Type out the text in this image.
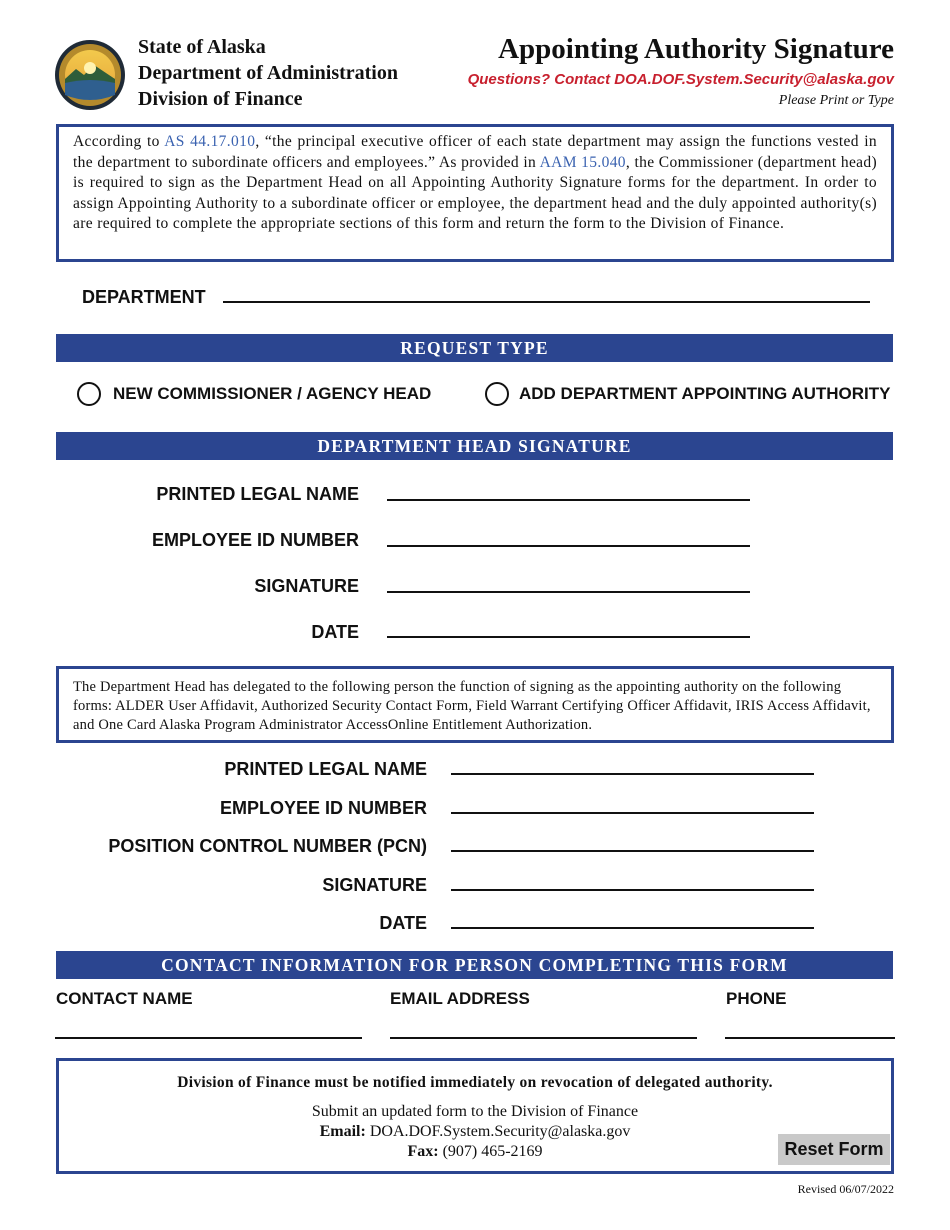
State of Alaska
Department of Administration
Division of Finance
Appointing Authority Signature
Questions? Contact DOA.DOF.System.Security@alaska.gov
Please Print or Type

According to AS 44.17.010, “the principal executive officer of each state department may assign the functions vested in the department to subordinate officers and employees.” As provided in AAM 15.040, the Commissioner (department head) is required to sign as the Department Head on all Appointing Authority Signature forms for the department. In order to assign Appointing Authority to a subordinate officer or employee, the department head and the duly appointed authority(s) are required to complete the appropriate sections of this form and return the form to the Division of Finance.

DEPARTMENT
REQUEST TYPE
NEW COMMISSIONER / AGENCY HEAD	ADD DEPARTMENT APPOINTING AUTHORITY
DEPARTMENT HEAD SIGNATURE
PRINTED LEGAL NAME
EMPLOYEE ID NUMBER
SIGNATURE
DATE

The Department Head has delegated to the following person the function of signing as the appointing authority on the following forms: ALDER User Affidavit, Authorized Security Contact Form, Field Warrant Certifying Officer Affidavit, IRIS Access Affidavit, and One Card Alaska Program Administrator AccessOnline Entitlement Authorization.

PRINTED LEGAL NAME
EMPLOYEE ID NUMBER
POSITION CONTROL NUMBER (PCN)
SIGNATURE
DATE
CONTACT INFORMATION FOR PERSON COMPLETING THIS FORM
CONTACT NAME	EMAIL ADDRESS	PHONE
Division of Finance must be notified immediately on revocation of delegated authority.
Submit an updated form to the Division of Finance
Email: DOA.DOF.System.Security@alaska.gov
Fax: (907) 465-2169	Reset Form
Revised 06/07/2022
